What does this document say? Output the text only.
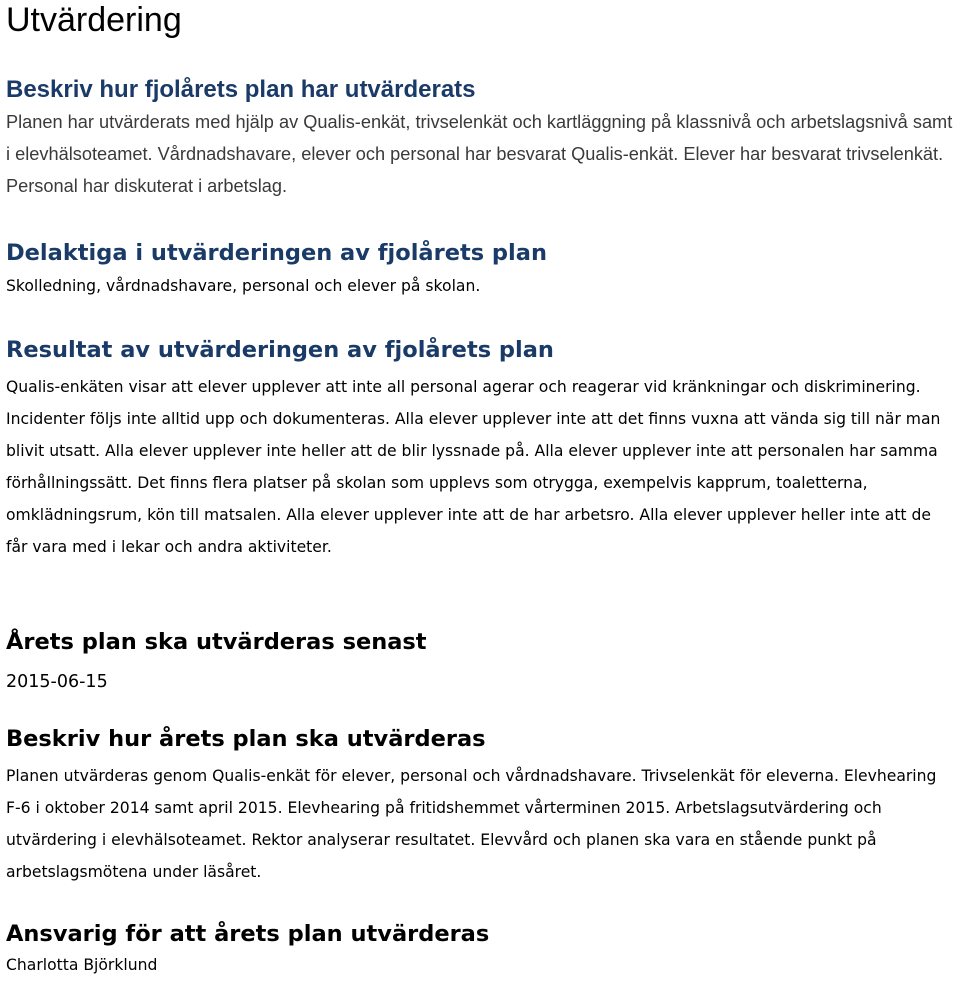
Utvärdering
Beskriv hur fjolårets plan har utvärderats

Planen har utvärderats med hjälp av Qualis-enkät, trivselenkät och kartläggning på klassnivå och arbetslagsnivå samt i elevhälsoteamet. Vårdnadshavare, elever och personal har besvarat Qualis-enkät. Elever har besvarat trivselenkät. Personal har diskuterat i arbetslag.

Delaktiga i utvärderingen av fjolårets plan

Skolledning, vårdnadshavare, personal och elever på skolan.

Resultat av utvärderingen av fjolårets plan

Qualis-enkäten visar att elever upplever att inte all personal agerar och reagerar vid kränkningar och diskriminering. Incidenter följs inte alltid upp och dokumenteras. Alla elever upplever inte att det finns vuxna att vända sig till när man blivit utsatt. Alla elever upplever inte heller att de blir lyssnade på. Alla elever upplever inte att personalen har samma förhållningssätt. Det finns flera platser på skolan som upplevs som otrygga, exempelvis kapprum, toaletterna, omklädningsrum, kön till matsalen. Alla elever upplever inte att de har arbetsro. Alla elever upplever heller inte att de får vara med i lekar och andra aktiviteter.

Årets plan ska utvärderas senast

2015-06-15

Beskriv hur årets plan ska utvärderas

Planen utvärderas genom Qualis-enkät för elever, personal och vårdnadshavare. Trivselenkät för eleverna. Elevhearing F-6 i oktober 2014 samt april 2015. Elevhearing på fritidshemmet vårterminen 2015. Arbetslagsutvärdering och utvärdering i elevhälsoteamet. Rektor analyserar resultatet. Elevvård och planen ska vara en stående punkt på arbetslagsmötena under läsåret.

Ansvarig för att årets plan utvärderas

Charlotta Björklund
